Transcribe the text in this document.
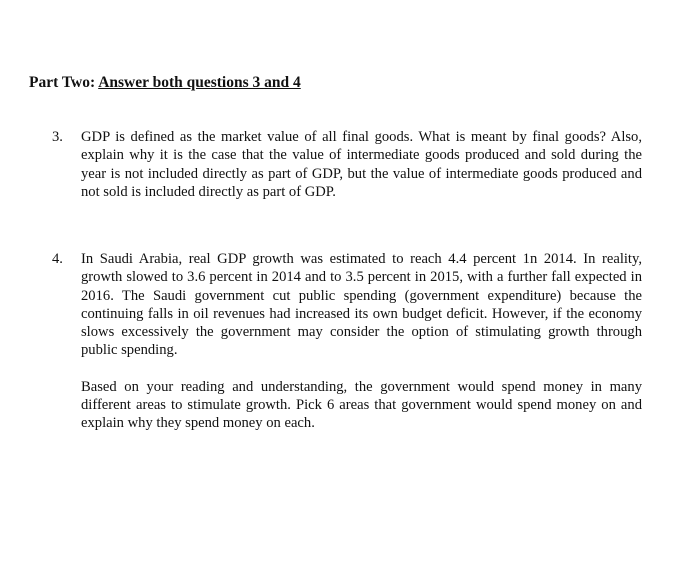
Part Two: Answer both questions 3 and 4
3.	GDP is defined as the market value of all final goods. What is meant by final goods? Also, explain why it is the case that the value of intermediate goods produced and sold during the year is not included directly as part of GDP, but the value of intermediate goods produced and not sold is included directly as part of GDP.

4.	In Saudi Arabia, real GDP growth was estimated to reach 4.4 percent 1n 2014. In reality, growth slowed to 3.6 percent in 2014 and to 3.5 percent in 2015, with a further fall expected in 2016. The Saudi government cut public spending (government expenditure) because the continuing falls in oil revenues had increased its own budget deficit. However, if the economy slows excessively the government may consider the option of stimulating growth through public spending.

Based on your reading and understanding, the government would spend money in many different areas to stimulate growth. Pick 6 areas that government would spend money on and explain why they spend money on each.
